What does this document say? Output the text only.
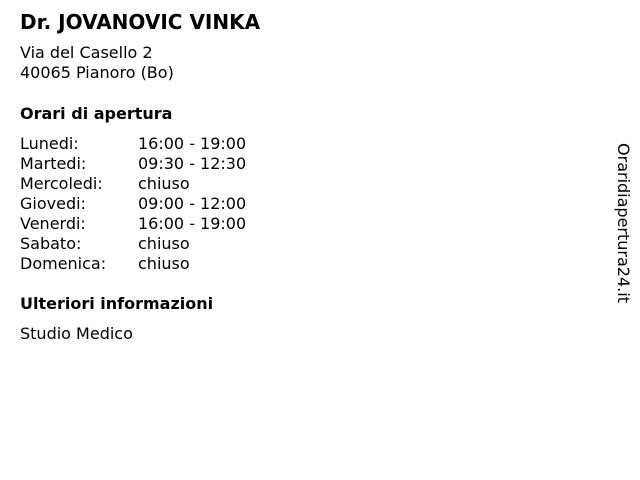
Dr. JOVANOVIC VINKA
Via del Casello 2
40065 Pianoro (Bo)
Orari di apertura
Lunedi:	16:00 - 19:00
Martedi:	09:30 - 12:30
Mercoledi:	chiuso
Giovedi:	09:00 - 12:00
Venerdi:	16:00 - 19:00
Sabato:	chiuso
Domenica:	chiuso
Ulteriori informazioni
Studio Medico
Oraridiapertura24.it
